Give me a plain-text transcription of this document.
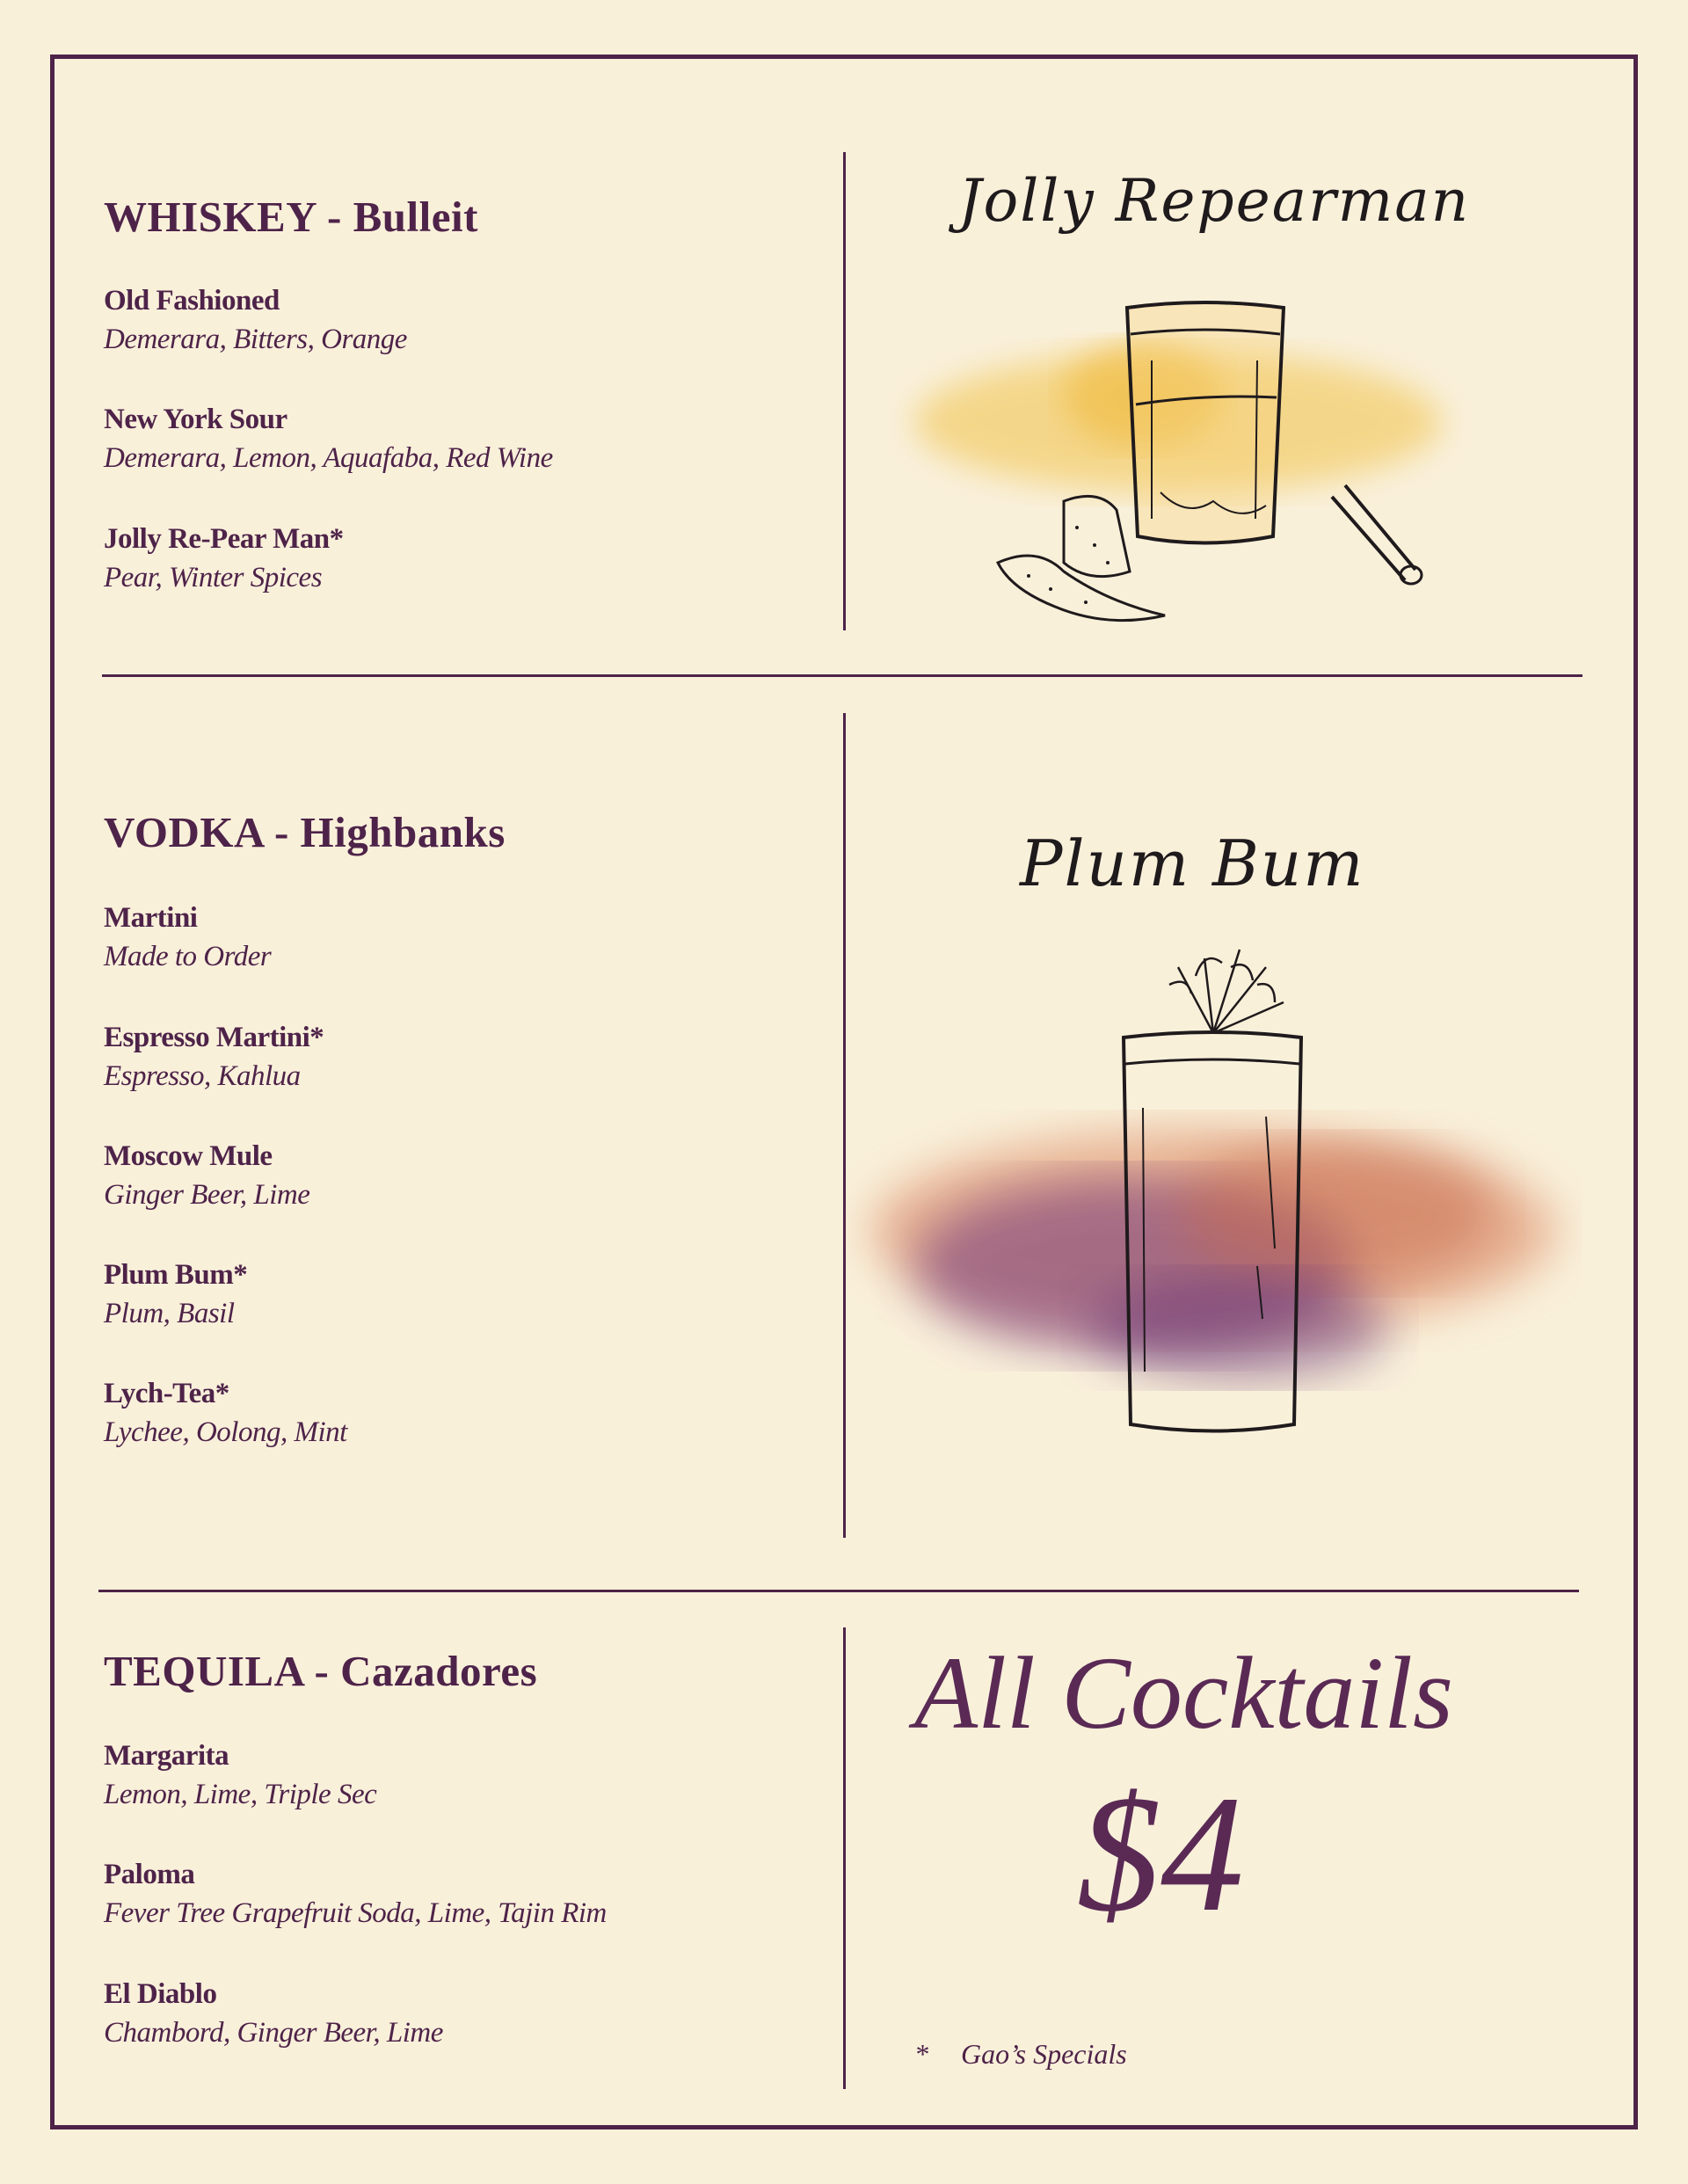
WHISKEY - Bulleit
Old Fashioned
Demerara, Bitters, Orange
New York Sour
Demerara, Lemon, Aquafaba, Red Wine
Jolly Re-Pear Man*
Pear, Winter Spices
VODKA - Highbanks
Martini
Made to Order
Espresso Martini*
Espresso, Kahlua
Moscow Mule
Ginger Beer, Lime
Plum Bum*
Plum, Basil
Lych-Tea*
Lychee, Oolong, Mint
TEQUILA - Cazadores
Margarita
Lemon, Lime, Triple Sec
Paloma
Fever Tree Grapefruit Soda, Lime, Tajin Rim
El Diablo
Chambord, Ginger Beer, Lime
Jolly Repearman
Plum Bum
All Cocktails
$4
* Gao’s Specials
